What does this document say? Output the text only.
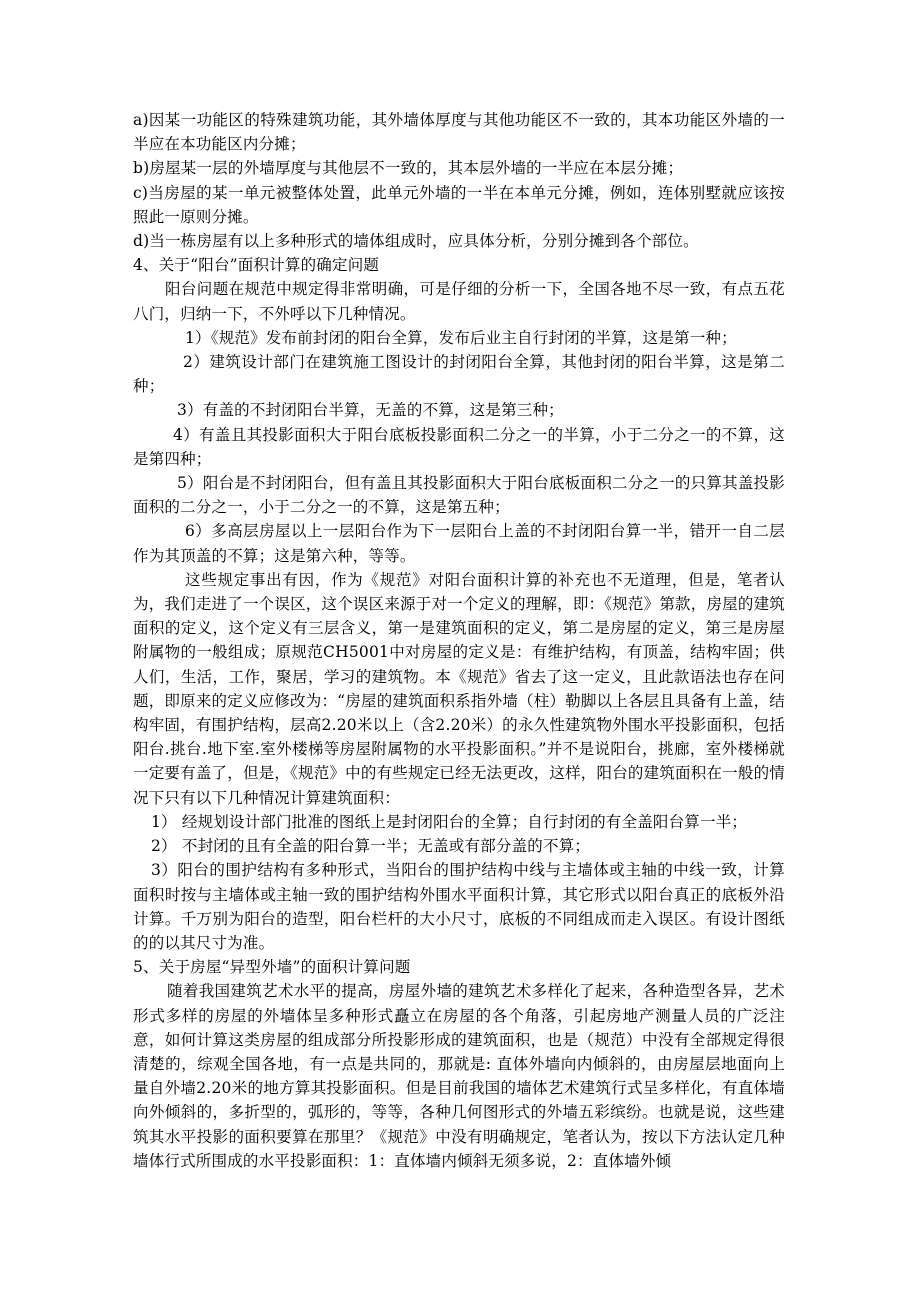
a)因某一功能区的特殊建筑功能，其外墙体厚度与其他功能区不一致的，其本功能区外墙的一半应在本功能区内分摊；

b)房屋某一层的外墙厚度与其他层不一致的，其本层外墙的一半应在本层分摊；

c)当房屋的某一单元被整体处置，此单元外墙的一半在本单元分摊，例如，连体别墅就应该按照此一原则分摊。

d)当一栋房屋有以上多种形式的墙体组成时，应具体分析，分别分摊到各个部位。

4、关于“阳台”面积计算的确定问题

阳台问题在规范中规定得非常明确，可是仔细的分析一下，全国各地不尽一致，有点五花八门，归纳一下，不外呼以下几种情况。

1）《规范》发布前封闭的阳台全算，发布后业主自行封闭的半算，这是第一种；

2）建筑设计部门在建筑施工图设计的封闭阳台全算，其他封闭的阳台半算，这是第二种；

3）有盖的不封闭阳台半算，无盖的不算，这是第三种；

4）有盖且其投影面积大于阳台底板投影面积二分之一的半算，小于二分之一的不算，这是第四种；

5）阳台是不封闭阳台，但有盖且其投影面积大于阳台底板面积二分之一的只算其盖投影面积的二分之一，小于二分之一的不算，这是第五种；

6）多高层房屋以上一层阳台作为下一层阳台上盖的不封闭阳台算一半，错开一自二层作为其顶盖的不算；这是第六种，等等。

这些规定事出有因，作为《规范》对阳台面积计算的补充也不无道理，但是，笔者认为，我们走进了一个误区，这个误区来源于对一个定义的理解，即：《规范》第款，房屋的建筑面积的定义，这个定义有三层含义，第一是建筑面积的定义，第二是房屋的定义，第三是房屋附属物的一般组成；原规范CH5001中对房屋的定义是：有维护结构，有顶盖，结构牢固；供人们，生活，工作，聚居，学习的建筑物。本《规范》省去了这一定义，且此款语法也存在问题，即原来的定义应修改为：“房屋的建筑面积系指外墙（柱）勒脚以上各层且具备有上盖，结构牢固，有围护结构，层高2.20米以上（含2.20米）的永久性建筑物外围水平投影面积，包括阳台.挑台.地下室.室外楼梯等房屋附属物的水平投影面积。”并不是说阳台，挑廊，室外楼梯就一定要有盖了，但是，《规范》中的有些规定已经无法更改，这样，阳台的建筑面积在一般的情况下只有以下几种情况计算建筑面积：

1） 经规划设计部门批准的图纸上是封闭阳台的全算；自行封闭的有全盖阳台算一半；

2） 不封闭的且有全盖的阳台算一半；无盖或有部分盖的不算；

3）阳台的围护结构有多种形式，当阳台的围护结构中线与主墙体或主轴的中线一致，计算面积时按与主墙体或主轴一致的围护结构外围水平面积计算，其它形式以阳台真正的底板外沿计算。千万别为阳台的造型，阳台栏杆的大小尺寸，底板的不同组成而走入误区。有设计图纸的的以其尺寸为准。

5、关于房屋“异型外墙”的面积计算问题

随着我国建筑艺术水平的提高，房屋外墙的建筑艺术多样化了起来，各种造型各异，艺术形式多样的房屋的外墙体呈多种形式矗立在房屋的各个角落，引起房地产测量人员的广泛注意，如何计算这类房屋的组成部分所投影形成的建筑面积，也是（规范）中没有全部规定得很清楚的，综观全国各地，有一点是共同的，那就是: 直体外墙向内倾斜的，由房屋层地面向上量自外墙2.20米的地方算其投影面积。但是目前我国的墙体艺术建筑行式呈多样化，有直体墙向外倾斜的，多折型的，弧形的，等等，各种几何图形式的外墙五彩缤纷。也就是说，这些建筑其水平投影的面积要算在那里？《规范》中没有明确规定，笔者认为，按以下方法认定几种墙体行式所围成的水平投影面积：1：直体墙内倾斜无须多说，2：直体墙外倾
